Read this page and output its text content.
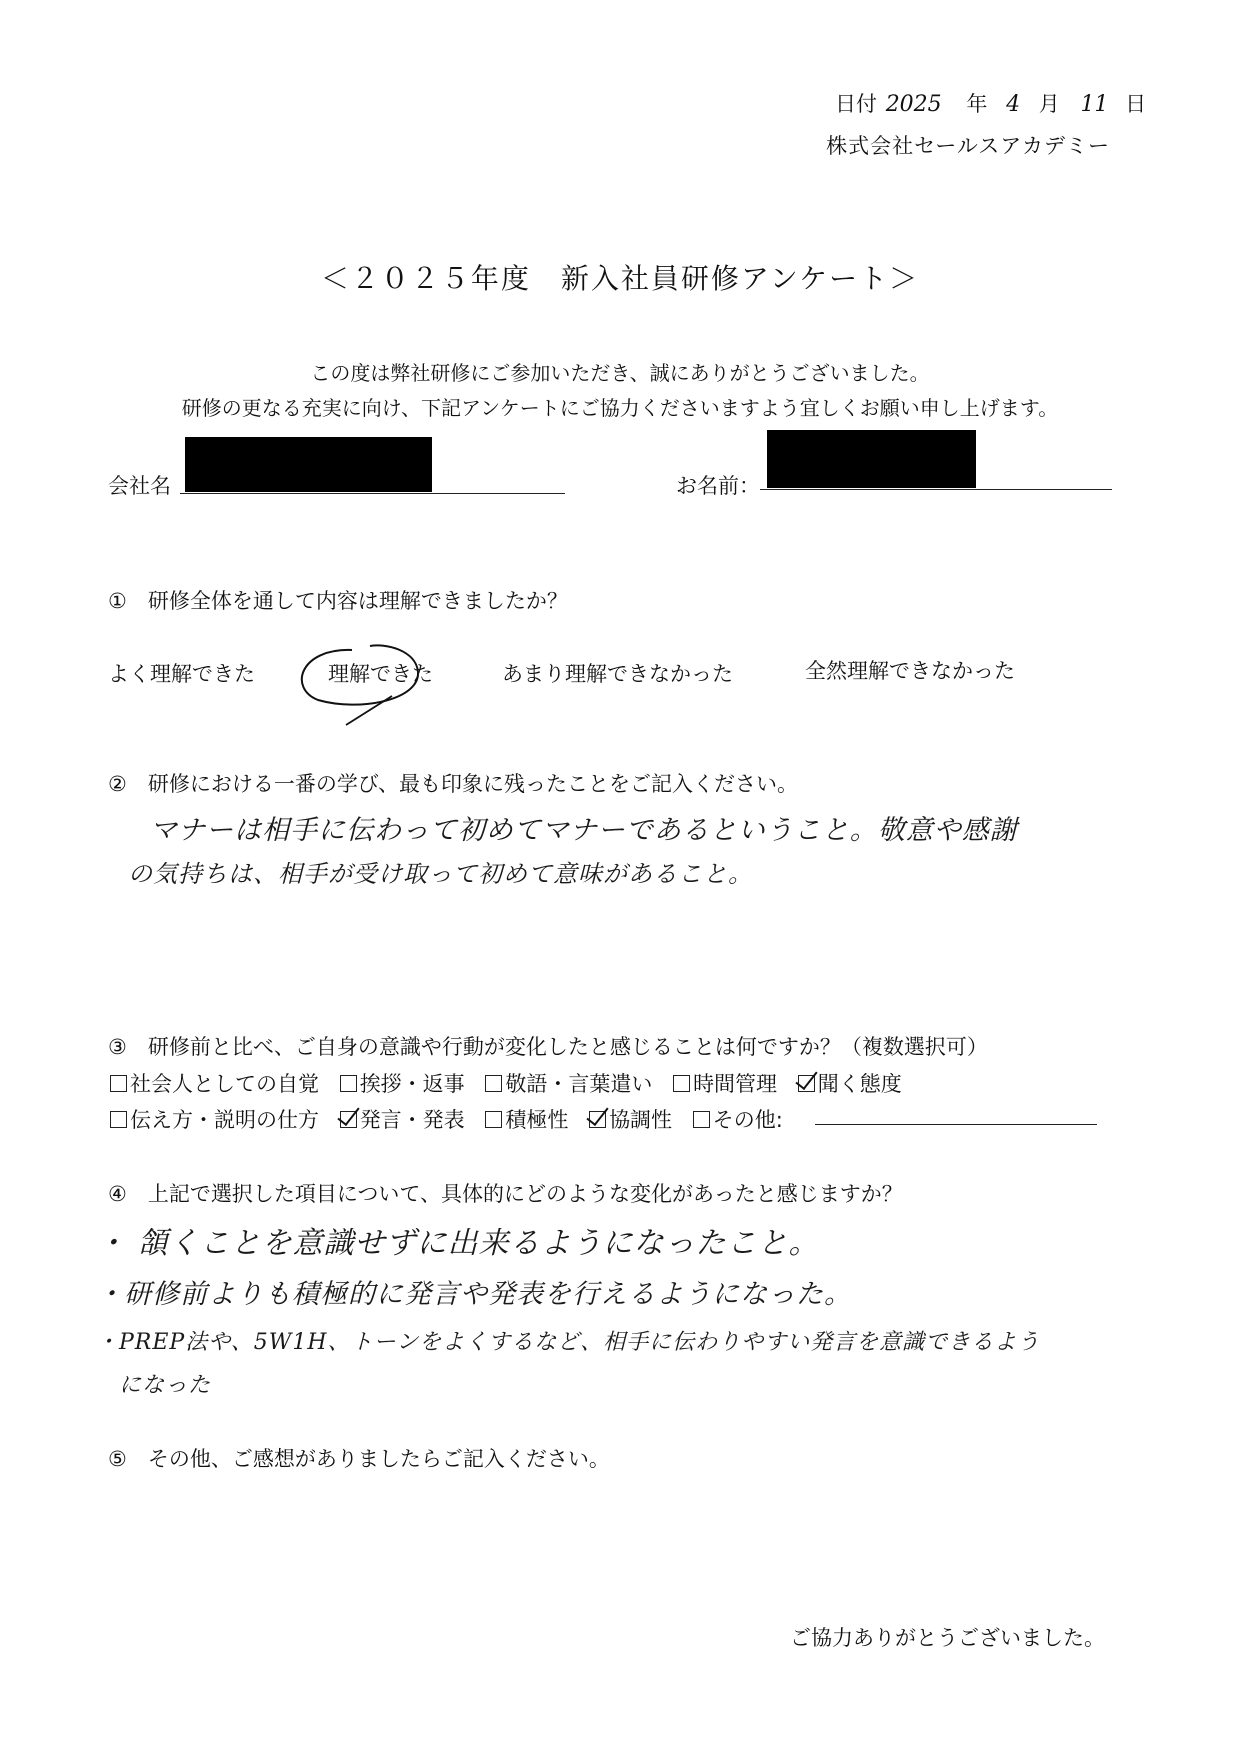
日付 2025 年 4 月 11 日
株式会社セールスアカデミー
＜２０２５年度　新入社員研修アンケート＞
この度は弊社研修にご参加いただき、誠にありがとうございました。
研修の更なる充実に向け、下記アンケートにご協力くださいますよう宜しくお願い申し上げます。
会社名	お名前：
①　研修全体を通して内容は理解できましたか？
よく理解できた	理解できた	あまり理解できなかった	全然理解できなかった
②　研修における一番の学び、最も印象に残ったことをご記入ください。
マナーは相手に伝わって初めてマナーであるということ。敬意や感謝
の気持ちは、相手が受け取って初めて意味があること。
③　研修前と比べ、ご自身の意識や行動が変化したと感じることは何ですか？（複数選択可）
社会人としての自覚 挨拶・返事 敬語・言葉遣い 時間管理 聞く態度
伝え方・説明の仕方 発言・発表 積極性 協調性 その他:
④　上記で選択した項目について、具体的にどのような変化があったと感じますか？
・ 頷くことを意識せずに出来るようになったこと。
・研修前よりも積極的に発言や発表を行えるようになった。
・PREP法や、5W1H、トーンをよくするなど、相手に伝わりやすい発言を意識できるよう
　になった
⑤　その他、ご感想がありましたらご記入ください。
ご協力ありがとうございました。
